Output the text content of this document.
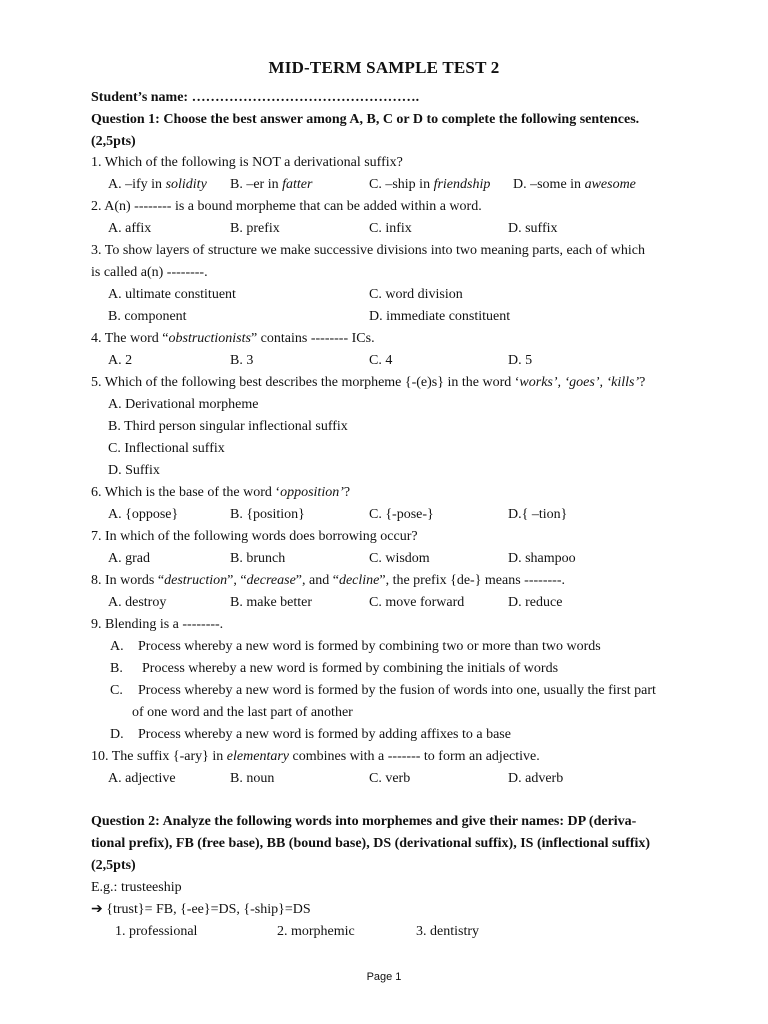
MID-TERM SAMPLE TEST 2
Student’s name: ………………………………………….
Question 1: Choose the best answer among A, B, C or D to complete the following sentences.
(2,5pts)
1. Which of the following is NOT a derivational suffix?
A. –ify in solidity B. –er in fatter	C. –ship in friendship D. –some in awesome
2. A(n) -------- is a bound morpheme that can be added within a word.
A. affix	B. prefix	C. infix	D. suffix
3. To show layers of structure we make successive divisions into two meaning parts, each of which
is called a(n) --------.
A. ultimate constituent	C. word division
B. component	D. immediate constituent
4. The word “obstructionists” contains -------- ICs.
A. 2	B. 3	C. 4	D. 5
5. Which of the following best describes the morpheme {-(e)s} in the word ‘works’, ‘goes’, ‘kills’?
A. Derivational morpheme
B. Third person singular inflectional suffix
C. Inflectional suffix
D. Suffix
6. Which is the base of the word ‘opposition’?
A. {oppose}	B. {position}	C. {-pose-}	D.{ –tion}
7. In which of the following words does borrowing occur?
A. grad	B. brunch	C. wisdom	D. shampoo
8. In words “destruction”, “decrease”, and “decline”, the prefix {de-} means --------.
A. destroy	B. make better	C. move forward	D. reduce
9. Blending is a --------.
A. Process whereby a new word is formed by combining two or more than two words
B. Process whereby a new word is formed by combining the initials of words
C. Process whereby a new word is formed by the fusion of words into one, usually the first part
of one word and the last part of another
D. Process whereby a new word is formed by adding affixes to a base
10. The suffix {-ary} in elementary combines with a ------- to form an adjective.
A. adjective	B. noun	C. verb	D. adverb
Question 2: Analyze the following words into morphemes and give their names: DP (deriva-
tional prefix), FB (free base), BB (bound base), DS (derivational suffix), IS (inflectional suffix)
(2,5pts)
E.g.: trusteeship
➔ {trust}= FB, {-ee}=DS, {-ship}=DS
1. professional	2. morphemic	3. dentistry
Page 1
